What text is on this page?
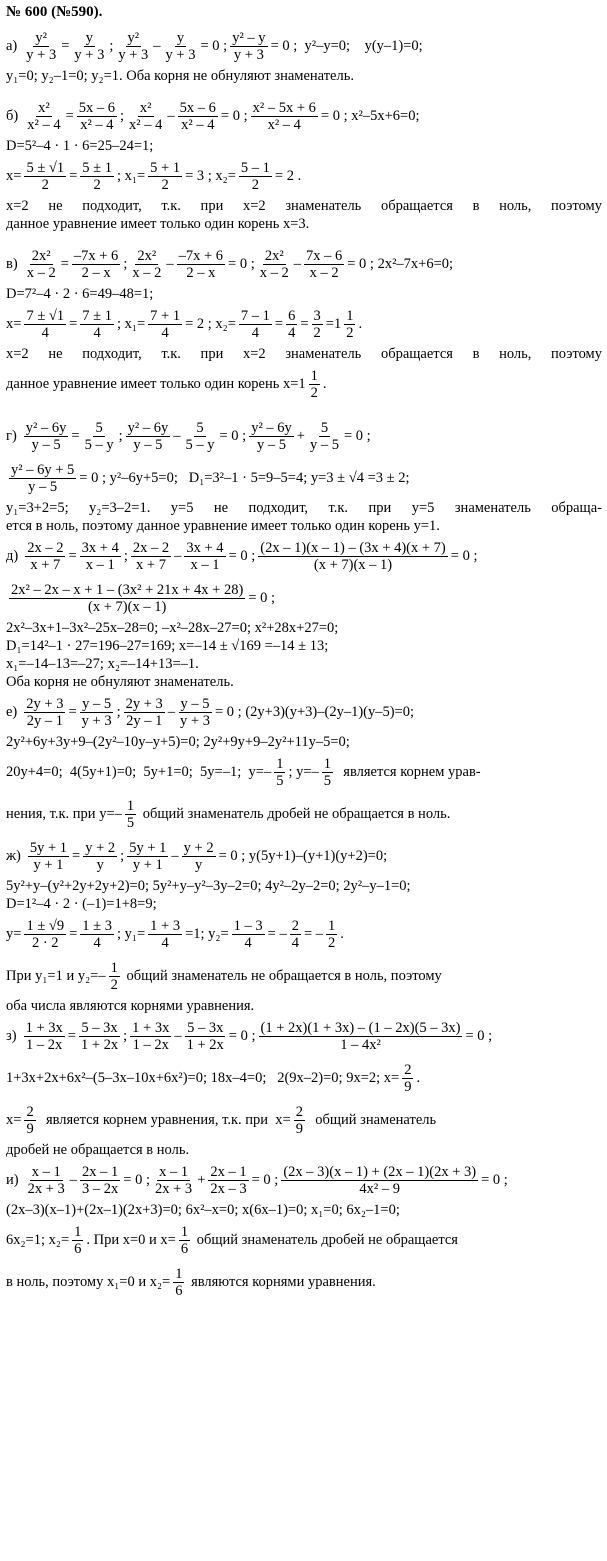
№ 600 (№590).
$а) \frac{\text{y²}}{y + 3} = \frac{y}{y + 3}$ ; $\frac{\text{y²}}{y + 3} - \frac{y}{y + 3} = 0$ ; $\frac{\text{y² – y}}{y + 3} = 0$ ;  y²–y=0;    y(y–1)=0;
y₁=0; y₂–1=0; y₂=1. Оба корня не обнуляют знаменатель.
$б) \frac{\text{x²}}{\text{x² – 4}} = \frac{5x - 6}{\text{x² – 4}}$ ; $\frac{\text{x²}}{\text{x² – 4}} - \frac{5x - 6}{\text{x² – 4}} = 0$ ; $\frac{\text{x² – 5x + 6}}{\text{x² – 4}} = 0$ ; x²–5x+6=0;
D=5²–4 · 1 · 6=25–24=1;
$x= \frac{5 \pm √1}{2} = \frac{5 \pm 1}{2}$ ; $x_1= \frac{5 + 1}{2} = 3$ ; $x_2= \frac{5 - 1}{2} = 2$ .
x=2 не подходит, т.к. при x=2 знаменатель обращается в ноль, поэтому
данное уравнение имеет только один корень x=3.
$в) \frac{\text{2x²}}{x - 2} = \frac{-7x + 6}{2 - x}$ ; $\frac{\text{2x²}}{x - 2} - \frac{-7x + 6}{2 - x} = 0$ ; $\frac{\text{2x²}}{x - 2} - \frac{7x - 6}{x - 2} = 0$ ; 2x²–7x+6=0;
D=7²–4 · 2 · 6=49–48=1;
$x= \frac{7 \pm √1}{4} = \frac{7 \pm 1}{4}$ ; $x_1= \frac{7 + 1}{4} = 2$ ; $x_2= \frac{7 - 1}{4} = \frac{6}{4} = \frac{3}{2} =1 \frac{1}{2}$ .
x=2 не подходит, т.к. при x=2 знаменатель обращается в ноль, поэтому
данное уравнение имеет только один корень $x=1 \frac{1}{2}$ .
$г) \frac{\text{y² – 6y}}{y - 5} = \frac{5}{5 - y}$ ; $\frac{\text{y² – 6y}}{y - 5} - \frac{5}{5 - y} = 0$ ; $\frac{\text{y² – 6y}}{y - 5} + \frac{5}{y - 5} = 0$ ;
$\frac{\text{y² – 6y + 5}}{y - 5} = 0$ ; y²–6y+5=0;   D₁=3²–1 · 5=9–5=4; y=3 ± √4 =3 ± 2;
y₁=3+2=5; y₂=3–2=1. y=5 не подходит, т.к. при y=5 знаменатель обраща-
ется в ноль, поэтому данное уравнение имеет только один корень y=1.
$д) \frac{2x - 2}{x + 7} = \frac{3x + 4}{x - 1}$ ; $\frac{2x - 2}{x + 7} - \frac{3x + 4}{x - 1} = 0$ ; $\frac{(2x - 1)(x - 1) - (3x + 4)(x + 7)}{(x + 7)(x - 1)} = 0$ ;
$\frac{\text{2x² – 2x – x + 1 – (3x² + 21x + 4x + 28)}}{(x + 7)(x - 1)} = 0$ ;
2x²–3x+1–3x²–25x–28=0; –x²–28x–27=0; x²+28x+27=0;
D₁=14²–1 · 27=196–27=169; x=–14 ± √169 =–14 ± 13;
x₁=–14–13=–27; x₂=–14+13=–1.
Оба корня не обнуляют знаменатель.
$е) \frac{2y + 3}{2y - 1} = \frac{y - 5}{y + 3}$ ; $\frac{2y + 3}{2y - 1} - \frac{y - 5}{y + 3} = 0$ ; (2y+3)(y+3)–(2y–1)(y–5)=0;
2y²+6y+3y+9–(2y²–10y–y+5)=0; 2y²+9y+9–2y²+11y–5=0;
20y+4=0;  4(5y+1)=0;  5y+1=0;  5y=–1;  $y=- \frac{1}{5}$ ; $y=- \frac{1}{5}$ является корнем урав-
нения, т.к. при $y=- \frac{1}{5}$ общий знаменатель дробей не обращается в ноль.
$ж) \frac{5y + 1}{y + 1} = \frac{y + 2}{y}$ ; $\frac{5y + 1}{y + 1} - \frac{y + 2}{y} = 0$ ; y(5y+1)–(y+1)(y+2)=0;
5y²+y–(y²+2y+2y+2)=0; 5y²+y–y²–3y–2=0; 4y²–2y–2=0; 2y²–y–1=0;
D=1²–4 · 2 · (–1)=1+8=9;
$y= \frac{1 \pm √9}{2 \cdot 2} = \frac{1 \pm 3}{4}$ ; $y_1= \frac{1 + 3}{4} =1$; $y_2= \frac{1 - 3}{4}$ = – $\frac{2}{4}$ = – $\frac{1}{2}$ .
При y₁=1 и $y_2=- \frac{1}{2}$ общий знаменатель не обращается в ноль, поэтому
оба числа являются корнями уравнения.
$з) \frac{1 + 3x}{1 - 2x} = \frac{5 - 3x}{1 + 2x}$ ; $\frac{1 + 3x}{1 - 2x} - \frac{5 - 3x}{1 + 2x} = 0$ ; $\frac{(1 + 2x)(1 + 3x) - (1 - 2x)(5 - 3x)}{\text{1 – 4x²}} = 0$ ;
1+3x+2x+6x²–(5–3x–10x+6x²)=0; 18x–4=0;   2(9x–2)=0; 9x=2; $x= \frac{2}{9}$ .
$x= \frac{2}{9}$ является корнем уравнения, т.к. при  $x= \frac{2}{9}$ общий знаменатель
дробей не обращается в ноль.
$и) \frac{x - 1}{2x + 3} - \frac{2x - 1}{3 - 2x} = 0$ ; $\frac{x - 1}{2x + 3} + \frac{2x - 1}{2x - 3} = 0$ ; $\frac{(2x - 3)(x - 1) + (2x - 1)(2x + 3)}{\text{4x² – 9}} = 0$ ;
(2x–3)(x–1)+(2x–1)(2x+3)=0; 6x²–x=0; x(6x–1)=0; x₁=0; 6x₂–1=0;
6x₂=1; $x_2= \frac{1}{6}$ . При x=0 и $x= \frac{1}{6}$ общий знаменатель дробей не обращается
в ноль, поэтому x₁=0 и $x_2= \frac{1}{6}$ являются корнями уравнения.
